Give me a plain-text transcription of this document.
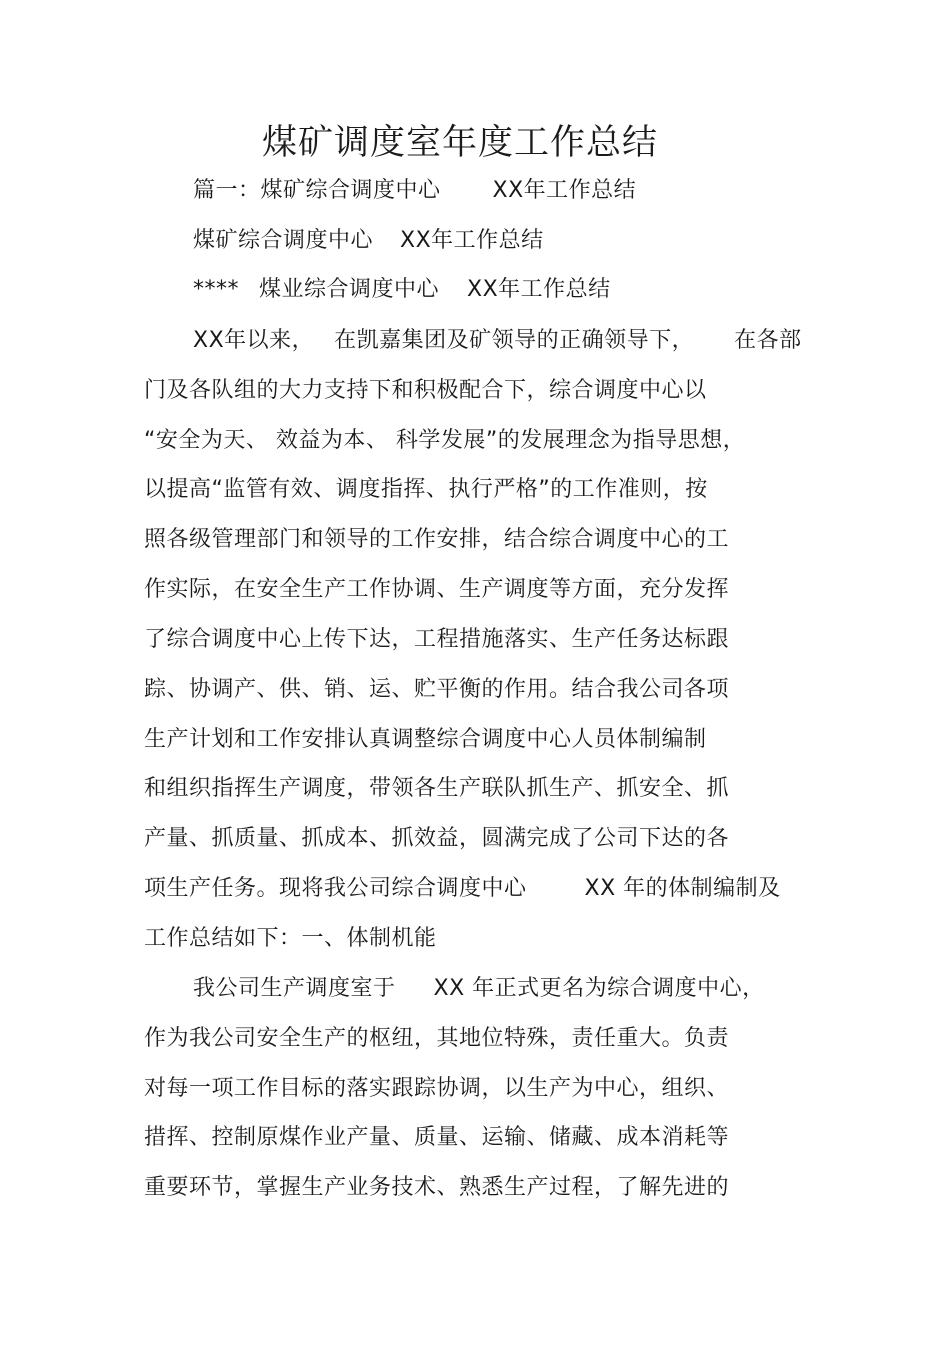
煤矿调度室年度工作总结
篇一：煤矿综合调度中心 XX年工作总结
煤矿综合调度中心 XX年工作总结
**** 煤业综合调度中心 XX年工作总结
XX年以来， 在凯嘉集团及矿领导的正确领导下， 在各部
门及各队组的大力支持下和积极配合下，综合调度中心以
“安全为天、 效益为本、 科学发展”的发展理念为指导思想，
以提高“监管有效、调度指挥、执行严格”的工作准则，按
照各级管理部门和领导的工作安排，结合综合调度中心的工
作实际，在安全生产工作协调、生产调度等方面，充分发挥
了综合调度中心上传下达，工程措施落实、生产任务达标跟
踪、协调产、供、销、运、贮平衡的作用。结合我公司各项
生产计划和工作安排认真调整综合调度中心人员体制编制
和组织指挥生产调度，带领各生产联队抓生产、抓安全、抓
产量、抓质量、抓成本、抓效益，圆满完成了公司下达的各
项生产任务。现将我公司综合调度中心	XX 年的体制编制及
工作总结如下：一、体制机能
我公司生产调度室于 XX 年正式更名为综合调度中心，
作为我公司安全生产的枢纽，其地位特殊，责任重大。负责
对每一项工作目标的落实跟踪协调，以生产为中心，组织、
措挥、控制原煤作业产量、质量、运输、储藏、成本消耗等
重要环节，掌握生产业务技术、熟悉生产过程，了解先进的
